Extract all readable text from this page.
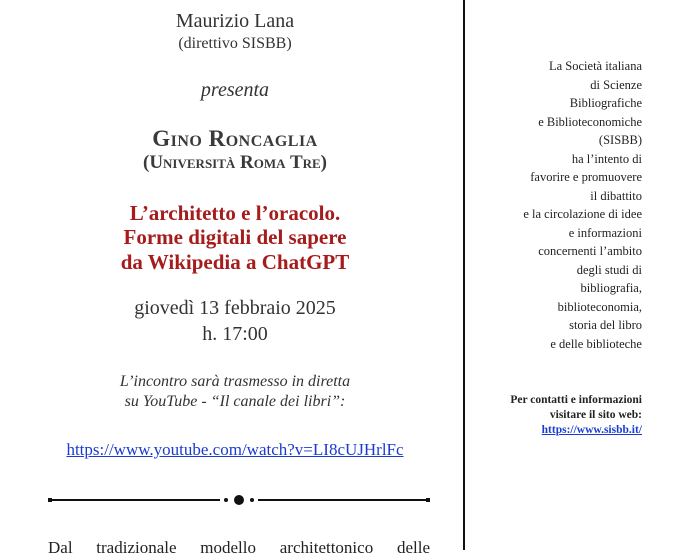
Maurizio Lana
(direttivo SISBB)
presenta
Gino Roncaglia
(Università Roma Tre)
L’architetto e l’oracolo.
Forme digitali del sapere
da Wikipedia a ChatGPT
giovedì 13 febbraio 2025
h. 17:00
L’incontro sarà trasmesso in diretta
su YouTube - “Il canale dei libri”:
https://www.youtube.com/watch?v=LI8cUJHrlFc
Dal tradizionale modello architettonico delle
La Società italiana
di Scienze
Bibliografiche
e Biblioteconomiche
(SISBB)
ha l’intento di
favorire e promuovere
il dibattito
e la circolazione di idee
e informazioni
concernenti l’ambito
degli studi di
bibliografia,
biblioteconomia,
storia del libro
e delle biblioteche
Per contatti e informazioni
visitare il sito web:
https://www.sisbb.it/
